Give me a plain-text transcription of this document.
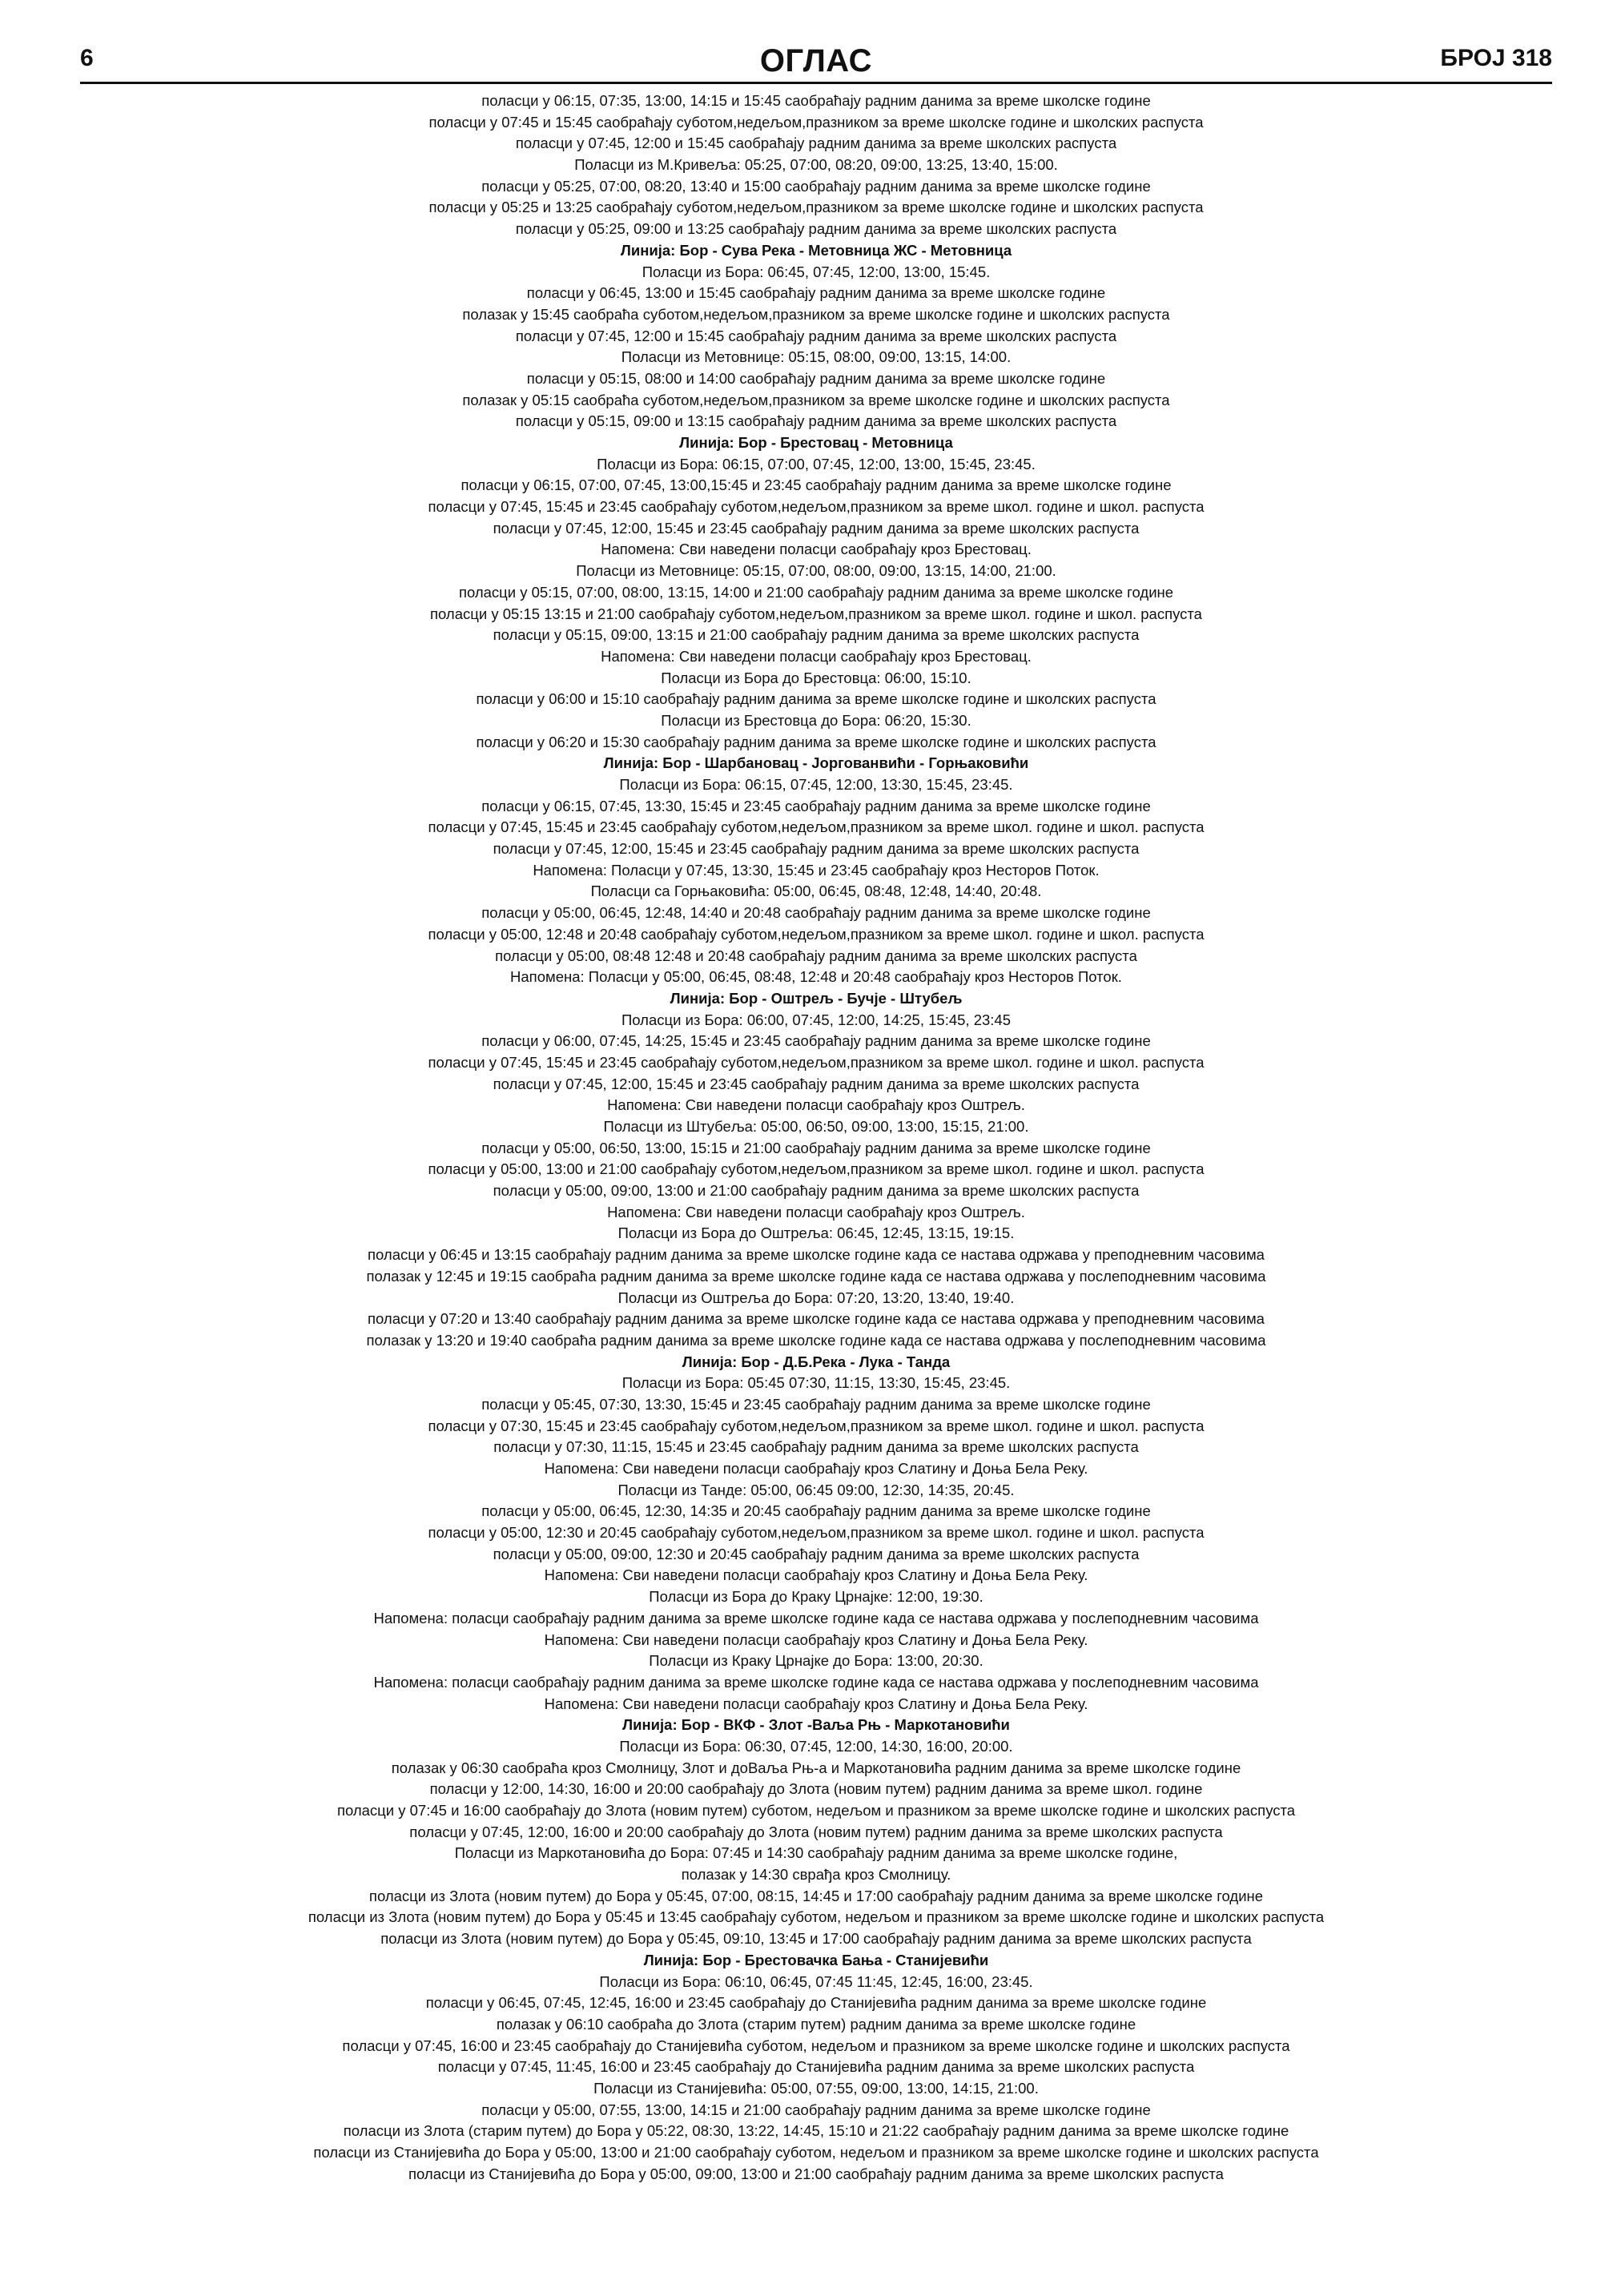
6	ОГЛАС	БРОЈ 318
поласци у 06:15, 07:35, 13:00, 14:15 и 15:45 саобраћају радним данима за време школске године
поласци у 07:45 и 15:45 саобраћају суботом,недељом,празником за време школске године и школских распуста
поласци у 07:45, 12:00 и 15:45 саобраћају радним данима за време школских распуста
Поласци из М.Кривеља: 05:25, 07:00, 08:20, 09:00, 13:25, 13:40, 15:00.
поласци у 05:25, 07:00, 08:20, 13:40 и 15:00 саобраћају радним данима за време школске године
поласци у 05:25 и 13:25 саобраћају суботом,недељом,празником за време школске године и школских распуста
поласци у 05:25, 09:00 и 13:25 саобраћају радним данима за време школских распуста
Линија: Бор - Сува Река - Метовница ЖС - Метовница
Поласци из Бора: 06:45, 07:45, 12:00, 13:00, 15:45.
поласци у 06:45, 13:00 и 15:45 саобраћају радним данима за време школске године
полазак у 15:45 саобраћа суботом,недељом,празником за време школске године и школских распуста
поласци у 07:45, 12:00 и 15:45 саобраћају радним данима за време школских распуста
Поласци из Метовнице: 05:15, 08:00, 09:00, 13:15, 14:00.
поласци у 05:15, 08:00 и 14:00 саобраћају радним данима за време школске године
полазак у 05:15 саобраћа суботом,недељом,празником за време школске године и школских распуста
поласци у 05:15, 09:00 и 13:15 саобраћају радним данима за време школских распуста
Линија: Бор - Брестовац - Метовница
Поласци из Бора: 06:15, 07:00, 07:45, 12:00, 13:00, 15:45, 23:45.
поласци у 06:15, 07:00, 07:45, 13:00,15:45 и 23:45 саобраћају радним данима за време школске године
поласци у 07:45, 15:45 и 23:45 саобраћају суботом,недељом,празником за време школ. године и школ. распуста
поласци у 07:45, 12:00, 15:45 и 23:45 саобраћају радним данима за време школских распуста
Напомена: Сви наведени поласци саобраћају кроз Брестовац.
Поласци из Метовнице: 05:15, 07:00, 08:00, 09:00, 13:15, 14:00, 21:00.
поласци у 05:15, 07:00, 08:00, 13:15, 14:00 и 21:00 саобраћају радним данима за време школске године
поласци у 05:15 13:15 и 21:00 саобраћају суботом,недељом,празником за време школ. године и школ. распуста
поласци у 05:15, 09:00, 13:15 и 21:00 саобраћају радним данима за време школских распуста
Напомена: Сви наведени поласци саобраћају кроз Брестовац.
Поласци из Бора до Брестовца: 06:00, 15:10.
поласци у 06:00 и 15:10 саобраћају радним данима за време школске године и школских распуста
Поласци из Брестовца до Бора: 06:20, 15:30.
поласци у 06:20 и 15:30 саобраћају радним данима за време школске године и школских распуста
Линија: Бор - Шарбановац - Јоргованвићи - Горњаковићи
Поласци из Бора: 06:15, 07:45, 12:00, 13:30, 15:45, 23:45.
поласци у 06:15, 07:45, 13:30, 15:45 и 23:45 саобраћају радним данима за време школске године
поласци у 07:45, 15:45 и 23:45 саобраћају суботом,недељом,празником за време школ. године и школ. распуста
поласци у 07:45, 12:00, 15:45 и 23:45 саобраћају радним данима за време школских распуста
Напомена: Поласци у 07:45, 13:30, 15:45 и 23:45 саобраћају кроз Несторов Поток.
Поласци са Горњаковића: 05:00, 06:45, 08:48, 12:48, 14:40, 20:48.
поласци у 05:00, 06:45, 12:48, 14:40 и 20:48 саобраћају радним данима за време школске године
поласци у 05:00, 12:48 и 20:48 саобраћају суботом,недељом,празником за време школ. године и школ. распуста
поласци у 05:00, 08:48 12:48 и 20:48 саобраћају радним данима за време школских распуста
Напомена: Поласци у 05:00, 06:45, 08:48, 12:48 и 20:48 саобраћају кроз Несторов Поток.
Линија: Бор - Оштрељ - Бучје - Штубељ
Поласци из Бора: 06:00, 07:45, 12:00, 14:25, 15:45, 23:45
поласци у 06:00, 07:45, 14:25, 15:45 и 23:45 саобраћају радним данима за време школске године
поласци у 07:45, 15:45 и 23:45 саобраћају суботом,недељом,празником за време школ. године и школ. распуста
поласци у 07:45, 12:00, 15:45 и 23:45 саобраћају радним данима за време школских распуста
Напомена: Сви наведени поласци саобраћају кроз Оштрељ.
Поласци из Штубеља: 05:00, 06:50, 09:00, 13:00, 15:15, 21:00.
поласци у 05:00, 06:50, 13:00, 15:15 и 21:00 саобраћају радним данима за време школске године
поласци у 05:00, 13:00 и 21:00 саобраћају суботом,недељом,празником за време школ. године и школ. распуста
поласци у 05:00, 09:00, 13:00 и 21:00 саобраћају радним данима за време школских распуста
Напомена: Сви наведени поласци саобраћају кроз Оштрељ.
Поласци из Бора до Оштреља: 06:45, 12:45, 13:15, 19:15.
поласци у 06:45 и 13:15 саобраћају радним данима за време школске године када се настава одржава у преподневним часовима
полазак у 12:45 и 19:15 саобраћа радним данима за време школске године када се настава одржава у послеподневним часовима
Поласци из Оштреља до Бора: 07:20, 13:20, 13:40, 19:40.
поласци у 07:20 и 13:40 саобраћају радним данима за време школске године када се настава одржава у преподневним часовима
полазак у 13:20 и 19:40 саобраћа радним данима за време школске године када се настава одржава у послеподневним часовима
Линија: Бор - Д.Б.Река - Лука - Танда
Поласци из Бора: 05:45 07:30, 11:15, 13:30, 15:45, 23:45.
поласци у 05:45, 07:30, 13:30, 15:45 и 23:45 саобраћају радним данима за време школске године
поласци у 07:30, 15:45 и 23:45 саобраћају суботом,недељом,празником за време школ. године и школ. распуста
поласци у 07:30, 11:15, 15:45 и 23:45 саобраћају радним данима за време школских распуста
Напомена: Сви наведени поласци саобраћају кроз Слатину и Доња Бела Реку.
Поласци из Танде: 05:00, 06:45 09:00, 12:30, 14:35, 20:45.
поласци у 05:00, 06:45, 12:30, 14:35 и 20:45 саобраћају радним данима за време школске године
поласци у 05:00, 12:30 и 20:45 саобраћају суботом,недељом,празником за време школ. године и школ. распуста
поласци у 05:00, 09:00, 12:30 и 20:45 саобраћају радним данима за време школских распуста
Напомена: Сви наведени поласци саобраћају кроз Слатину и Доња Бела Реку.
Поласци из Бора до Краку Црнајке: 12:00, 19:30.
Напомена: поласци саобраћају радним данима за време школске године када се настава одржава у послеподневним часовима
Напомена: Сви наведени поласци саобраћају кроз Слатину и Доња Бела Реку.
Поласци из Краку Црнајке до Бора: 13:00, 20:30.
Напомена: поласци саобраћају радним данима за време школске године када се настава одржава у послеподневним часовима
Напомена: Сви наведени поласци саобраћају кроз Слатину и Доња Бела Реку.
Линија: Бор - ВКФ - Злот -Ваља Рњ - Маркотановићи
Поласци из Бора: 06:30, 07:45, 12:00, 14:30, 16:00, 20:00.
полазак у 06:30 саобраћа кроз Смолницу, Злот и доВаља Рњ-а и Маркотановића радним данима за време школске године
поласци у 12:00, 14:30, 16:00 и 20:00 саобраћају до Злота (новим путем) радним данима за време школ. године
поласци у 07:45 и 16:00 саобраћају до Злота (новим путем) суботом, недељом и празником за време школске године и школских распуста
поласци у 07:45, 12:00, 16:00 и 20:00 саобраћају до Злота (новим путем) радним данима за време школских распуста
Поласци из Маркотановића до Бора: 07:45 и 14:30 саобраћају радним данима за време школске године,
полазак у 14:30 сврађа кроз Смолницу.
поласци из Злота (новим путем) до Бора у 05:45, 07:00, 08:15, 14:45 и 17:00 саобраћају радним данима за време школске године
поласци из Злота (новим путем) до Бора у 05:45 и 13:45 саобраћају суботом, недељом и празником за време школске године и школских распуста
поласци из Злота (новим путем) до Бора у 05:45, 09:10, 13:45 и 17:00 саобраћају радним данима за време школских распуста
Линија: Бор - Брестовачка Бања - Станијевићи
Поласци из Бора: 06:10, 06:45, 07:45 11:45, 12:45, 16:00, 23:45.
поласци у 06:45, 07:45, 12:45, 16:00 и 23:45 саобраћају до Станијевића радним данима за време школске године
полазак у 06:10 саобраћа до Злота (старим путем) радним данима за време школске године
поласци у 07:45, 16:00 и 23:45 саобраћају до Станијевића суботом, недељом и празником за време школске године и школских распуста
поласци у 07:45, 11:45, 16:00 и 23:45 саобраћају до Станијевића радним данима за време школских распуста
Поласци из Станијевића: 05:00, 07:55, 09:00, 13:00, 14:15, 21:00.
поласци у 05:00, 07:55, 13:00, 14:15 и 21:00 саобраћају радним данима за време школске године
поласци из Злота (старим путем) до Бора у 05:22, 08:30, 13:22, 14:45, 15:10 и 21:22 саобраћају радним данима за време школске године
поласци из Станијевића до Бора у 05:00, 13:00 и 21:00 саобраћају суботом, недељом и празником за време школске године и школских распуста
поласци из Станијевића до Бора у 05:00, 09:00, 13:00 и 21:00 саобраћају радним данима за време школских распуста
